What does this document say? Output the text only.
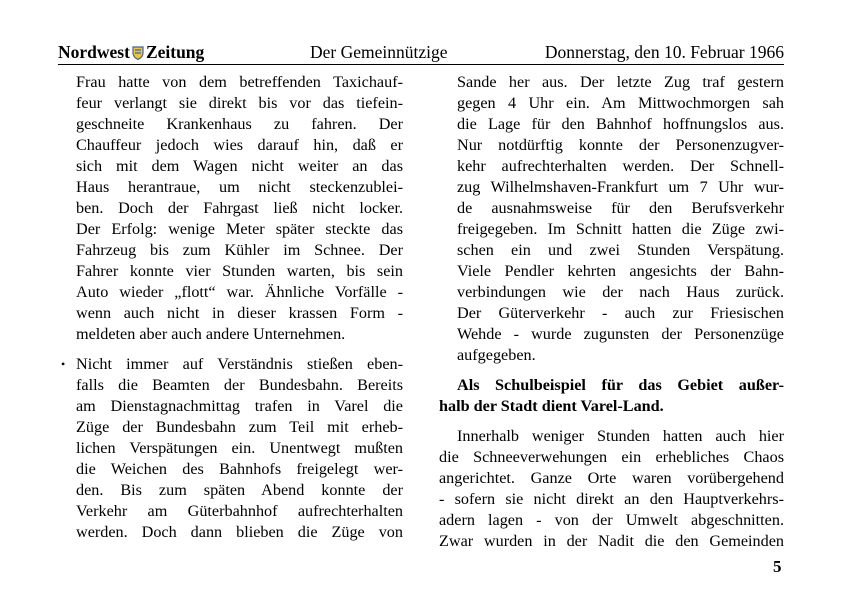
Nordwest Zeitung	Der Gemeinnützige	Donnerstag, den 10. Februar 1966
Frau hatte von dem betreffenden Taxichauf-
feur verlangt sie direkt bis vor das tiefein-
geschneite Krankenhaus zu fahren. Der
Chauffeur jedoch wies darauf hin, daß er
sich mit dem Wagen nicht weiter an das
Haus herantraue, um nicht steckenzublei-
ben. Doch der Fahrgast ließ nicht locker.
Der Erfolg: wenige Meter später steckte das
Fahrzeug bis zum Kühler im Schnee. Der
Fahrer konnte vier Stunden warten, bis sein
Auto wieder „flott“ war. Ähnliche Vorfälle -
wenn auch nicht in dieser krassen Form -
meldeten aber auch andere Unternehmen.
• Nicht immer auf Verständnis stießen eben-
falls die Beamten der Bundesbahn. Bereits
am Dienstagnachmittag trafen in Varel die
Züge der Bundesbahn zum Teil mit erheb-
lichen Verspätungen ein. Unentwegt mußten
die Weichen des Bahnhofs freigelegt wer-
den. Bis zum späten Abend konnte der
Verkehr am Güterbahnhof aufrechterhalten
werden. Doch dann blieben die Züge von
Sande her aus. Der letzte Zug traf gestern
gegen 4 Uhr ein. Am Mittwochmorgen sah
die Lage für den Bahnhof hoffnungslos aus.
Nur notdürftig konnte der Personenzugver-
kehr aufrechterhalten werden. Der Schnell-
zug Wilhelmshaven-Frankfurt um 7 Uhr wur-
de ausnahmsweise für den Berufsverkehr
freigegeben. Im Schnitt hatten die Züge zwi-
schen ein und zwei Stunden Verspätung.
Viele Pendler kehrten angesichts der Bahn-
verbindungen wie der nach Haus zurück.
Der Güterverkehr - auch zur Friesischen
Wehde - wurde zugunsten der Personenzüge
aufgegeben.
Als Schulbeispiel für das Gebiet außer-
halb der Stadt dient Varel-Land.
Innerhalb weniger Stunden hatten auch hier
die Schneeverwehungen ein erhebliches Chaos
angerichtet. Ganze Orte waren vorübergehend
- sofern sie nicht direkt an den Hauptverkehrs-
adern lagen - von der Umwelt abgeschnitten.
Zwar wurden in der Nadit die den Gemeinden
5
